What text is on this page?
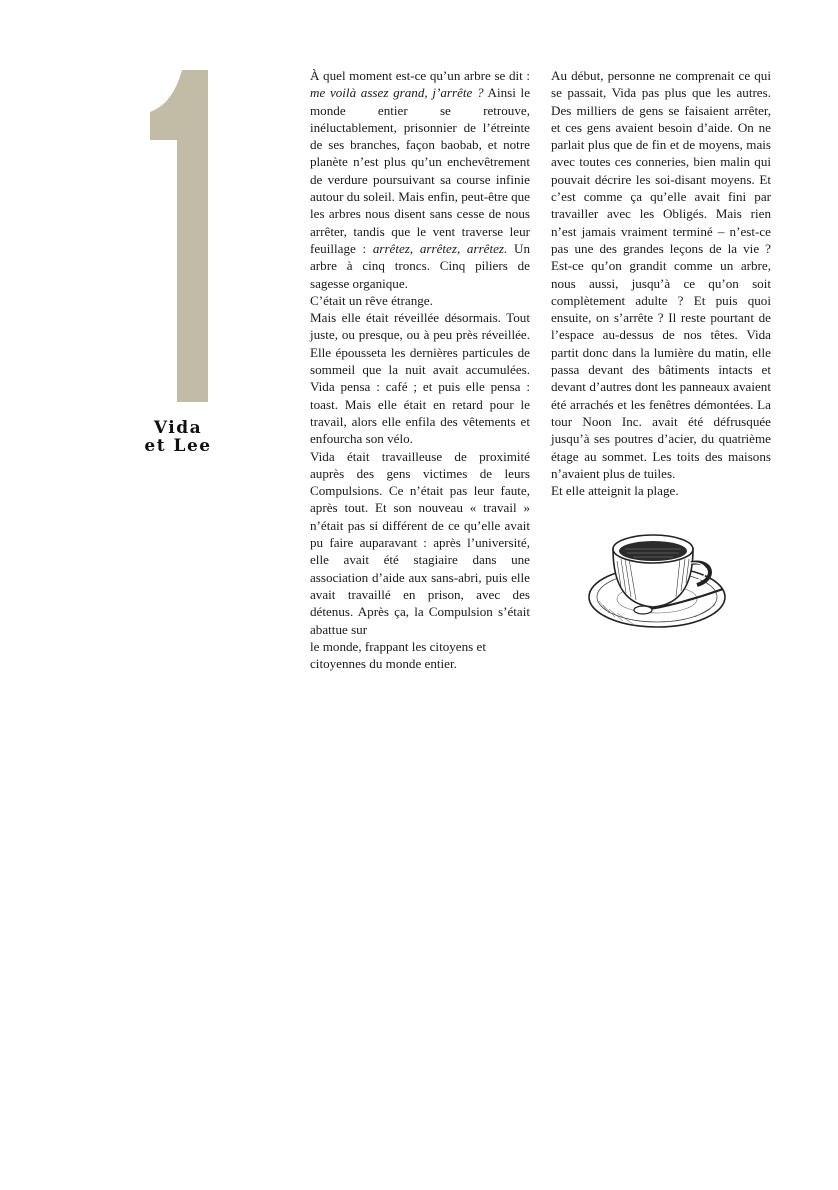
Vida
et Lee

À quel moment est-ce qu’un arbre se dit : me voilà assez grand, j’arrête ? Ainsi le monde entier se retrouve, inéluctablement, prisonnier de l’étreinte de ses branches, façon baobab, et notre planète n’est plus qu’un enchevêtrement de verdure poursuivant sa course infinie autour du soleil. Mais enfin, peut-être que les arbres nous disent sans cesse de nous arrêter, tandis que le vent traverse leur feuillage : arrêtez, arrêtez, arrêtez. Un arbre à cinq troncs. Cinq piliers de sagesse organique.

C’était un rêve étrange.

Mais elle était réveillée désormais. Tout juste, ou presque, ou à peu près réveillée. Elle épousseta les dernières particules de sommeil que la nuit avait accumulées. Vida pensa : café ; et puis elle pensa : toast. Mais elle était en retard pour le travail, alors elle enfila des vêtements et enfourcha son vélo.

Vida était travailleuse de proximité auprès des gens victimes de leurs Compulsions. Ce n’était pas leur faute, après tout. Et son nouveau « travail » n’était pas si différent de ce qu’elle avait pu faire auparavant : après l’université, elle avait été stagiaire dans une association d’aide aux sans-abri, puis elle avait travaillé en prison, avec des détenus. Après ça, la Compulsion s’était abattue sur

le monde, frappant les citoyens et

citoyennes du monde entier.

Au début, personne ne comprenait ce qui se passait, Vida pas plus que les autres. Des milliers de gens se faisaient arrêter, et ces gens avaient besoin d’aide. On ne parlait plus que de fin et de moyens, mais avec toutes ces conneries, bien malin qui pouvait décrire les soi-disant moyens. Et c’est comme ça qu’elle avait fini par travailler avec les Obligés. Mais rien n’est jamais vraiment terminé – n’est-ce pas une des grandes leçons de la vie ? Est-ce qu’on grandit comme un arbre, nous aussi, jusqu’à ce qu’on soit complètement adulte ? Et puis quoi ensuite, on s’arrête ? Il reste pourtant de l’espace au-dessus de nos têtes. Vida partit donc dans la lumière du matin, elle passa devant des bâtiments intacts et devant d’autres dont les panneaux avaient été arrachés et les fenêtres démontées. La tour Noon Inc. avait été défrusquée jusqu’à ses poutres d’acier, du quatrième étage au sommet. Les toits des maisons n’avaient plus de tuiles.

Et elle atteignit la plage.
